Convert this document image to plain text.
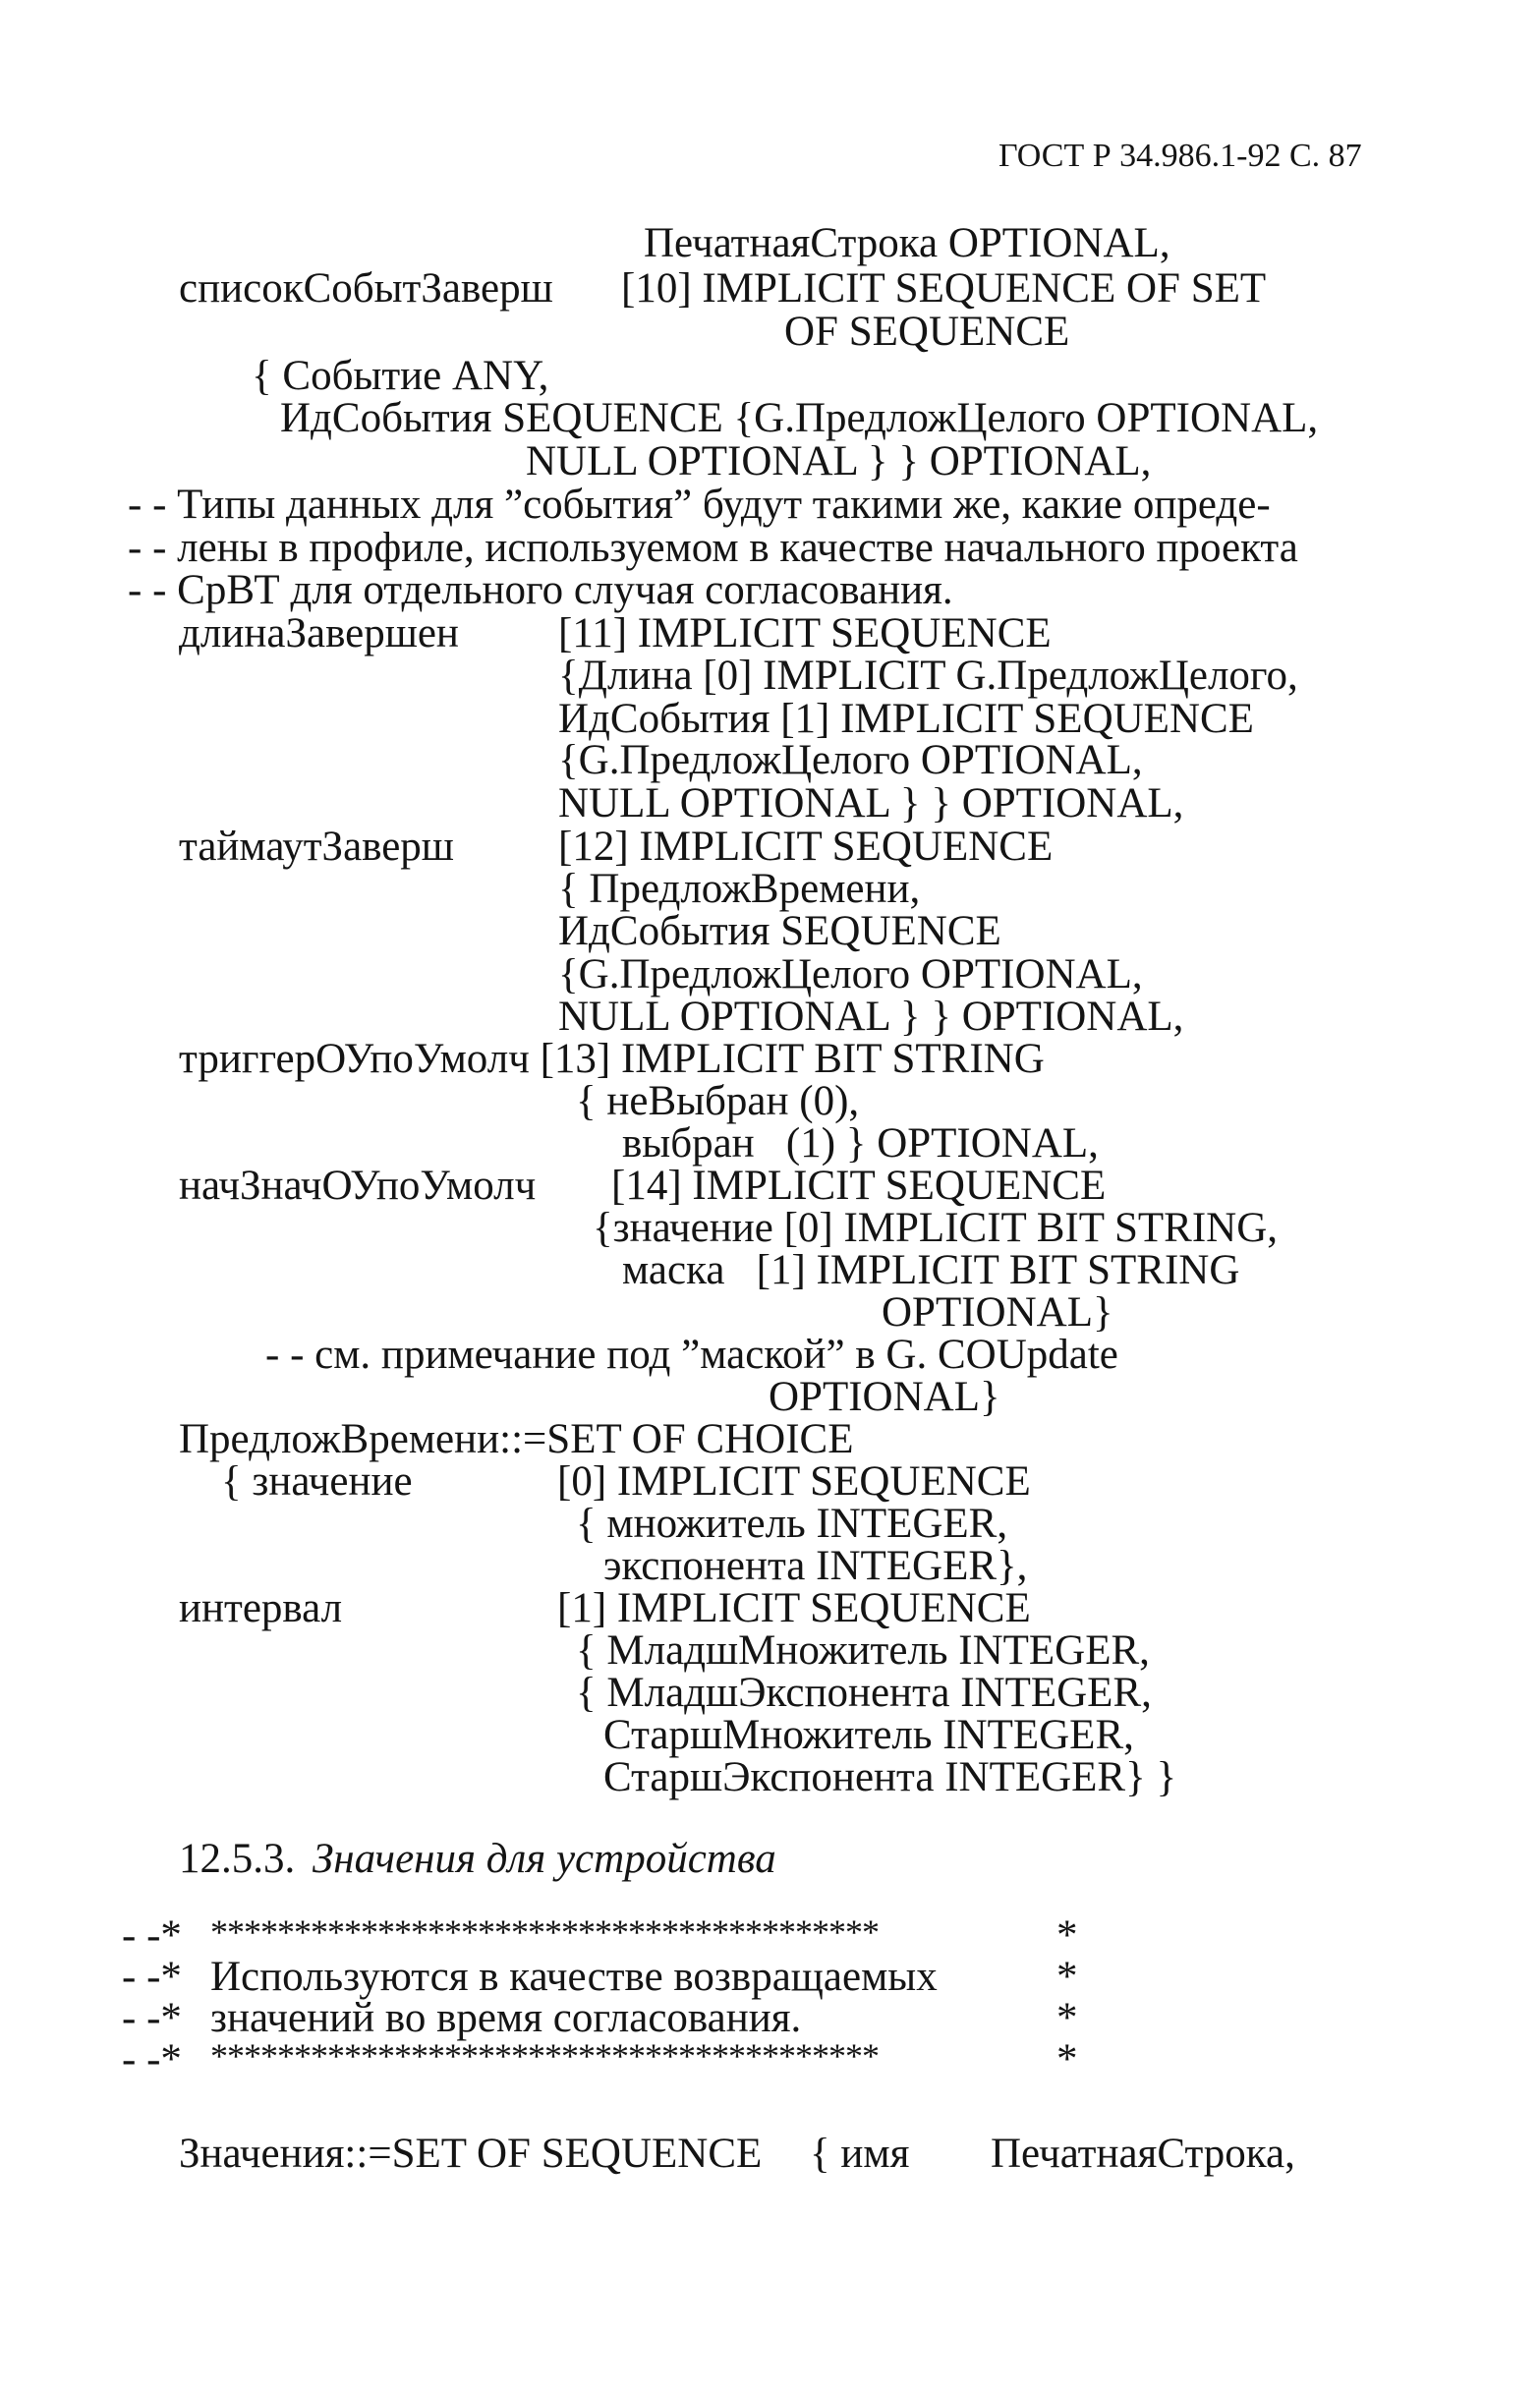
ГОСТ Р 34.986.1-92 С. 87
ПечатнаяСтрока OPTIONAL,
списокСобытЗаверш [10] IMPLICIT SEQUENCE OF SET
OF SEQUENCE
{ Событие ANY,
ИдСобытия SEQUENCE {G.ПредложЦелого OPTIONAL,
NULL OPTIONAL } } OPTIONAL,
- - Типы данных для ”события” будут такими же, какие опреде-
- - лены в профиле, используемом в качестве начального проекта
- - СрВТ для отдельного случая согласования.
длинаЗавершен [11] IMPLICIT SEQUENCE
{Длина [0] IMPLICIT G.ПредложЦелого,
ИдСобытия [1] IMPLICIT SEQUENCE
{G.ПредложЦелого OPTIONAL,
NULL OPTIONAL } } OPTIONAL,
таймаутЗаверш [12] IMPLICIT SEQUENCE
{ ПредложВремени,
ИдСобытия SEQUENCE
{G.ПредложЦелого OPTIONAL,
NULL OPTIONAL } } OPTIONAL,
триггерОУпоУмолч [13] IMPLICIT BIT STRING
{ неВыбран (0),
выбран   (1) } OPTIONAL,
начЗначОУпоУмолч [14] IMPLICIT SEQUENCE
{значение [0] IMPLICIT BIT STRING,
маска   [1] IMPLICIT BIT STRING
OPTIONAL}
- - см. примечание под ”маской” в G. COUpdate
OPTIONAL}
ПредложВремени::=SET OF CHOICE
{ значение	[0] IMPLICIT SEQUENCE
{ множитель INTEGER,
экспонента INTEGER},
интервал	[1] IMPLICIT SEQUENCE
{ МладшМножитель INTEGER,
{ МладшЭкспонента INTEGER,
СтаршМножитель INTEGER,
СтаршЭкспонента INTEGER} }
12.5.3. Значения для устройства
- -* ****************************************	*
- -* Используются в качестве возвращаемых	*
- -* значений во время согласования.	*
- -* ****************************************	*
Значения::=SET OF SEQUENCE { имя ПечатнаяСтрока,
